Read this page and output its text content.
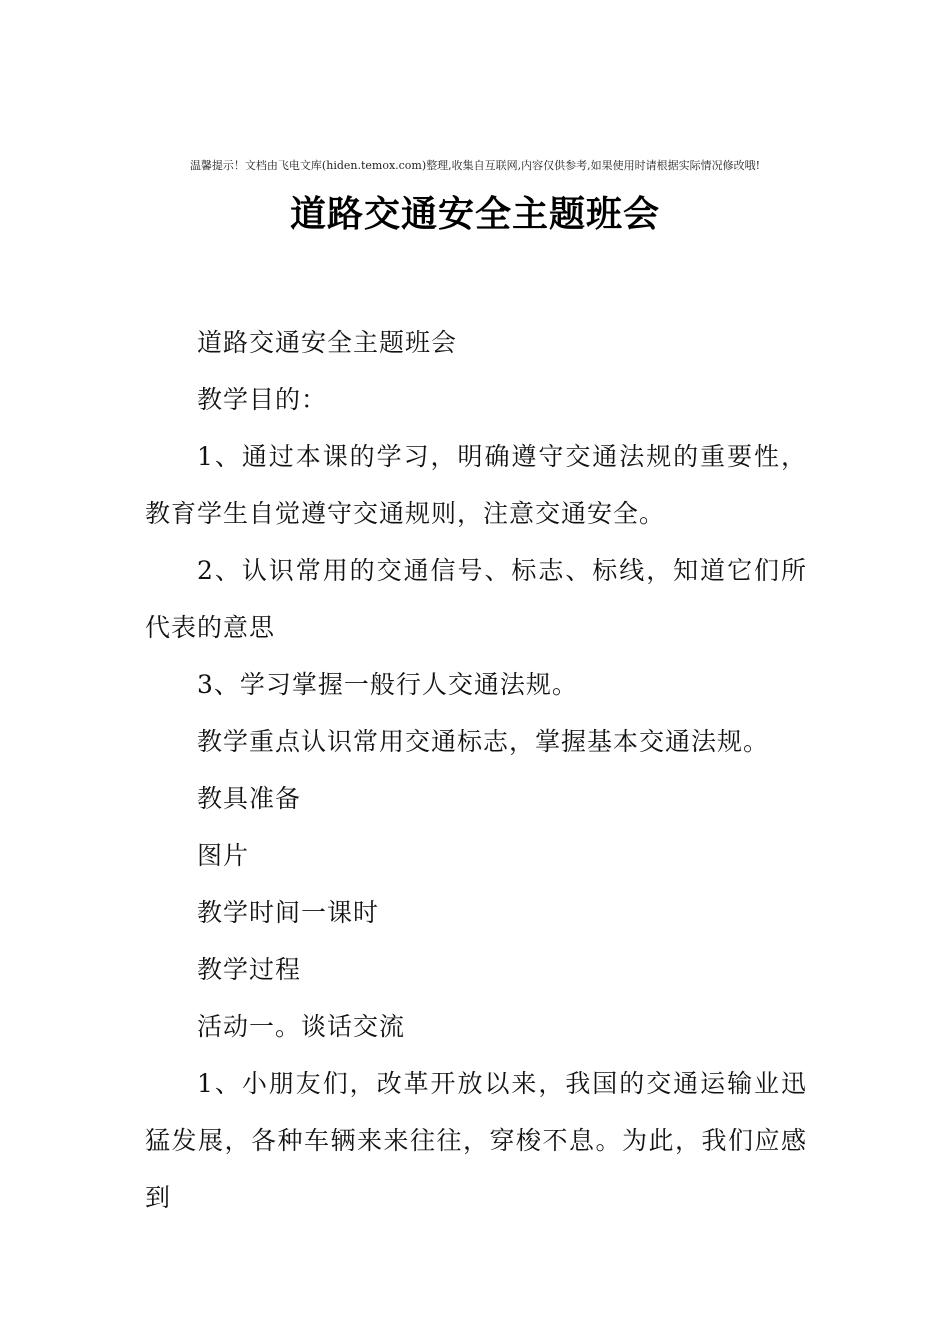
温馨提示！文档由飞电文库(hiden.temox.com)整理,收集自互联网,内容仅供参考,如果使用时请根据实际情况修改哦!
道路交通安全主题班会

道路交通安全主题班会

教学目的：

1、通过本课的学习，明确遵守交通法规的重要性，教育学生自觉遵守交通规则，注意交通安全。

2、认识常用的交通信号、标志、标线，知道它们所代表的意思

3、学习掌握一般行人交通法规。

教学重点认识常用交通标志，掌握基本交通法规。

教具准备

图片

教学时间一课时

教学过程

活动一。谈话交流

1、小朋友们，改革开放以来，我国的交通运输业迅猛发展，各种车辆来来往往，穿梭不息。为此，我们应感到
